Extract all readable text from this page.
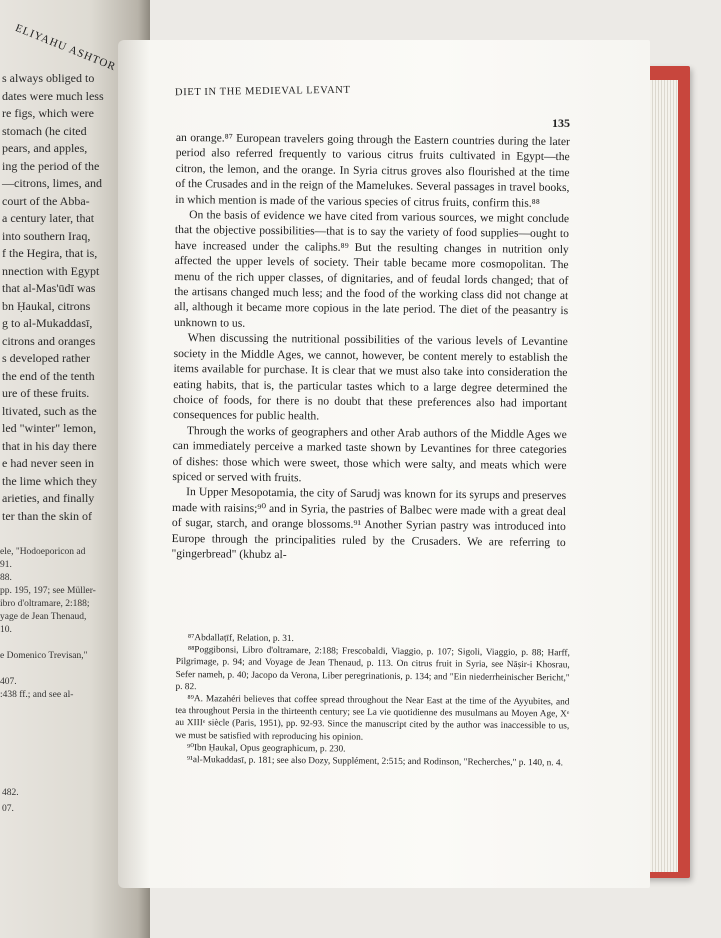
ELIYAHU ASHTOR
s always obliged to
dates were much less
re figs, which were
stomach (he cited
pears, and apples,
ing the period of the
—citrons, limes, and
court of the Abba-
a century later, that
into southern Iraq,
f the Hegira, that is,
nnection with Egypt
that al-Mas'ūdī was
bn Ḥaukal, citrons
g to al-Mukaddasī,
citrons and oranges
s developed rather
the end of the tenth
ure of these fruits.
ltivated, such as the
led "winter" lemon,
that in his day there
e had never seen in
the lime which they
arieties, and finally
ter than the skin of
ele, "Hodoeporicon ad
91.
88.
pp. 195, 197; see Müller-
ibro d'oltramare, 2:188;
yage de Jean Thenaud,
10.

e Domenico Trevisan,"

407.
:438 ff.; and see al-
482.
07.
DIET IN THE MEDIEVAL LEVANT
135

an orange.⁸⁷ European travelers going through the Eastern countries during the later period also referred frequently to various citrus fruits cultivated in Egypt—the citron, the lemon, and the orange. In Syria citrus groves also flourished at the time of the Crusades and in the reign of the Mamelukes. Several passages in travel books, in which mention is made of the various species of citrus fruits, confirm this.⁸⁸

On the basis of evidence we have cited from various sources, we might conclude that the objective possibilities—that is to say the variety of food supplies—ought to have increased under the caliphs.⁸⁹ But the resulting changes in nutrition only affected the upper levels of society. Their table became more cosmopolitan. The menu of the rich upper classes, of dignitaries, and of feudal lords changed; that of the artisans changed much less; and the food of the working class did not change at all, although it became more copious in the late period. The diet of the peasantry is unknown to us.

When discussing the nutritional possibilities of the various levels of Levantine society in the Middle Ages, we cannot, however, be content merely to establish the items available for purchase. It is clear that we must also take into consideration the eating habits, that is, the particular tastes which to a large degree determined the choice of foods, for there is no doubt that these preferences also had important consequences for public health.

Through the works of geographers and other Arab authors of the Middle Ages we can immediately perceive a marked taste shown by Levantines for three categories of dishes: those which were sweet, those which were salty, and meats which were spiced or served with fruits.

In Upper Mesopotamia, the city of Sarudj was known for its syrups and preserves made with raisins;⁹⁰ and in Syria, the pastries of Balbec were made with a great deal of sugar, starch, and orange blossoms.⁹¹ Another Syrian pastry was introduced into Europe through the principalities ruled by the Crusaders. We are referring to "gingerbread" (khubz al-

⁸⁷Abdallaṭīf, Relation, p. 31.

⁸⁸Poggibonsi, Libro d'oltramare, 2:188; Frescobaldi, Viaggio, p. 107; Sigoli, Viaggio, p. 88; Harff, Pilgrimage, p. 94; and Voyage de Jean Thenaud, p. 113. On citrus fruit in Syria, see Nāṣir-i Khosrau, Sefer nameh, p. 40; Jacopo da Verona, Liber peregrinationis, p. 134; and "Ein niederrheinischer Bericht," p. 82.

⁸⁹A. Mazahéri believes that coffee spread throughout the Near East at the time of the Ayyubites, and tea throughout Persia in the thirteenth century; see La vie quotidienne des musulmans au Moyen Age, Xᵉ au XIIIᵉ siècle (Paris, 1951), pp. 92-93. Since the manuscript cited by the author was inaccessible to us, we must be satisfied with reproducing his opinion.

⁹⁰Ibn Ḥaukal, Opus geographicum, p. 230.

⁹¹al-Mukaddasī, p. 181; see also Dozy, Supplément, 2:515; and Rodinson, "Recherches," p. 140, n. 4.
